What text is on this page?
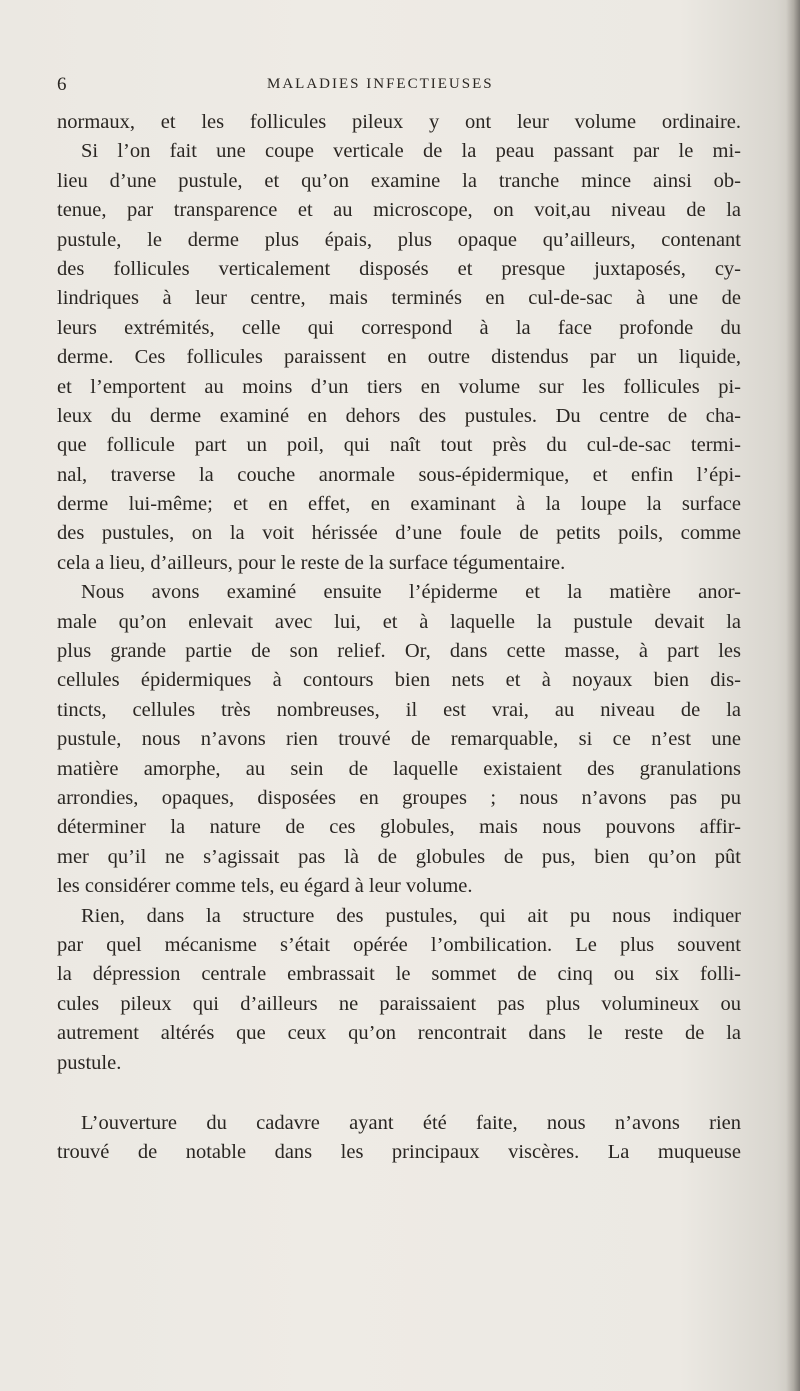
6	MALADIES INFECTIEUSES
normaux, et les follicules pileux y ont leur volume ordinaire.
Si l’on fait une coupe verticale de la peau passant par le mi-
lieu d’une pustule, et qu’on examine la tranche mince ainsi ob-
tenue, par transparence et au microscope, on voit,au niveau de la
pustule, le derme plus épais, plus opaque qu’ailleurs, contenant
des follicules verticalement disposés et presque juxtaposés, cy-
lindriques à leur centre, mais terminés en cul-de-sac à une de
leurs extrémités, celle qui correspond à la face profonde du
derme. Ces follicules paraissent en outre distendus par un liquide,
et l’emportent au moins d’un tiers en volume sur les follicules pi-
leux du derme examiné en dehors des pustules. Du centre de cha-
que follicule part un poil, qui naît tout près du cul-de-sac termi-
nal, traverse la couche anormale sous-épidermique, et enfin l’épi-
derme lui-même; et en effet, en examinant à la loupe la surface
des pustules, on la voit hérissée d’une foule de petits poils, comme
cela a lieu, d’ailleurs, pour le reste de la surface tégumentaire.
Nous avons examiné ensuite l’épiderme et la matière anor-
male qu’on enlevait avec lui, et à laquelle la pustule devait la
plus grande partie de son relief. Or, dans cette masse, à part les
cellules épidermiques à contours bien nets et à noyaux bien dis-
tincts, cellules très nombreuses, il est vrai, au niveau de la
pustule, nous n’avons rien trouvé de remarquable, si ce n’est une
matière amorphe, au sein de laquelle existaient des granulations
arrondies, opaques, disposées en groupes ; nous n’avons pas pu
déterminer la nature de ces globules, mais nous pouvons affir-
mer qu’il ne s’agissait pas là de globules de pus, bien qu’on pût
les considérer comme tels, eu égard à leur volume.
Rien, dans la structure des pustules, qui ait pu nous indiquer
par quel mécanisme s’était opérée l’ombilication. Le plus souvent
la dépression centrale embrassait le sommet de cinq ou six folli-
cules pileux qui d’ailleurs ne paraissaient pas plus volumineux ou
autrement altérés que ceux qu’on rencontrait dans le reste de la
pustule.
L’ouverture du cadavre ayant été faite, nous n’avons rien
trouvé de notable dans les principaux viscères. La muqueuse
